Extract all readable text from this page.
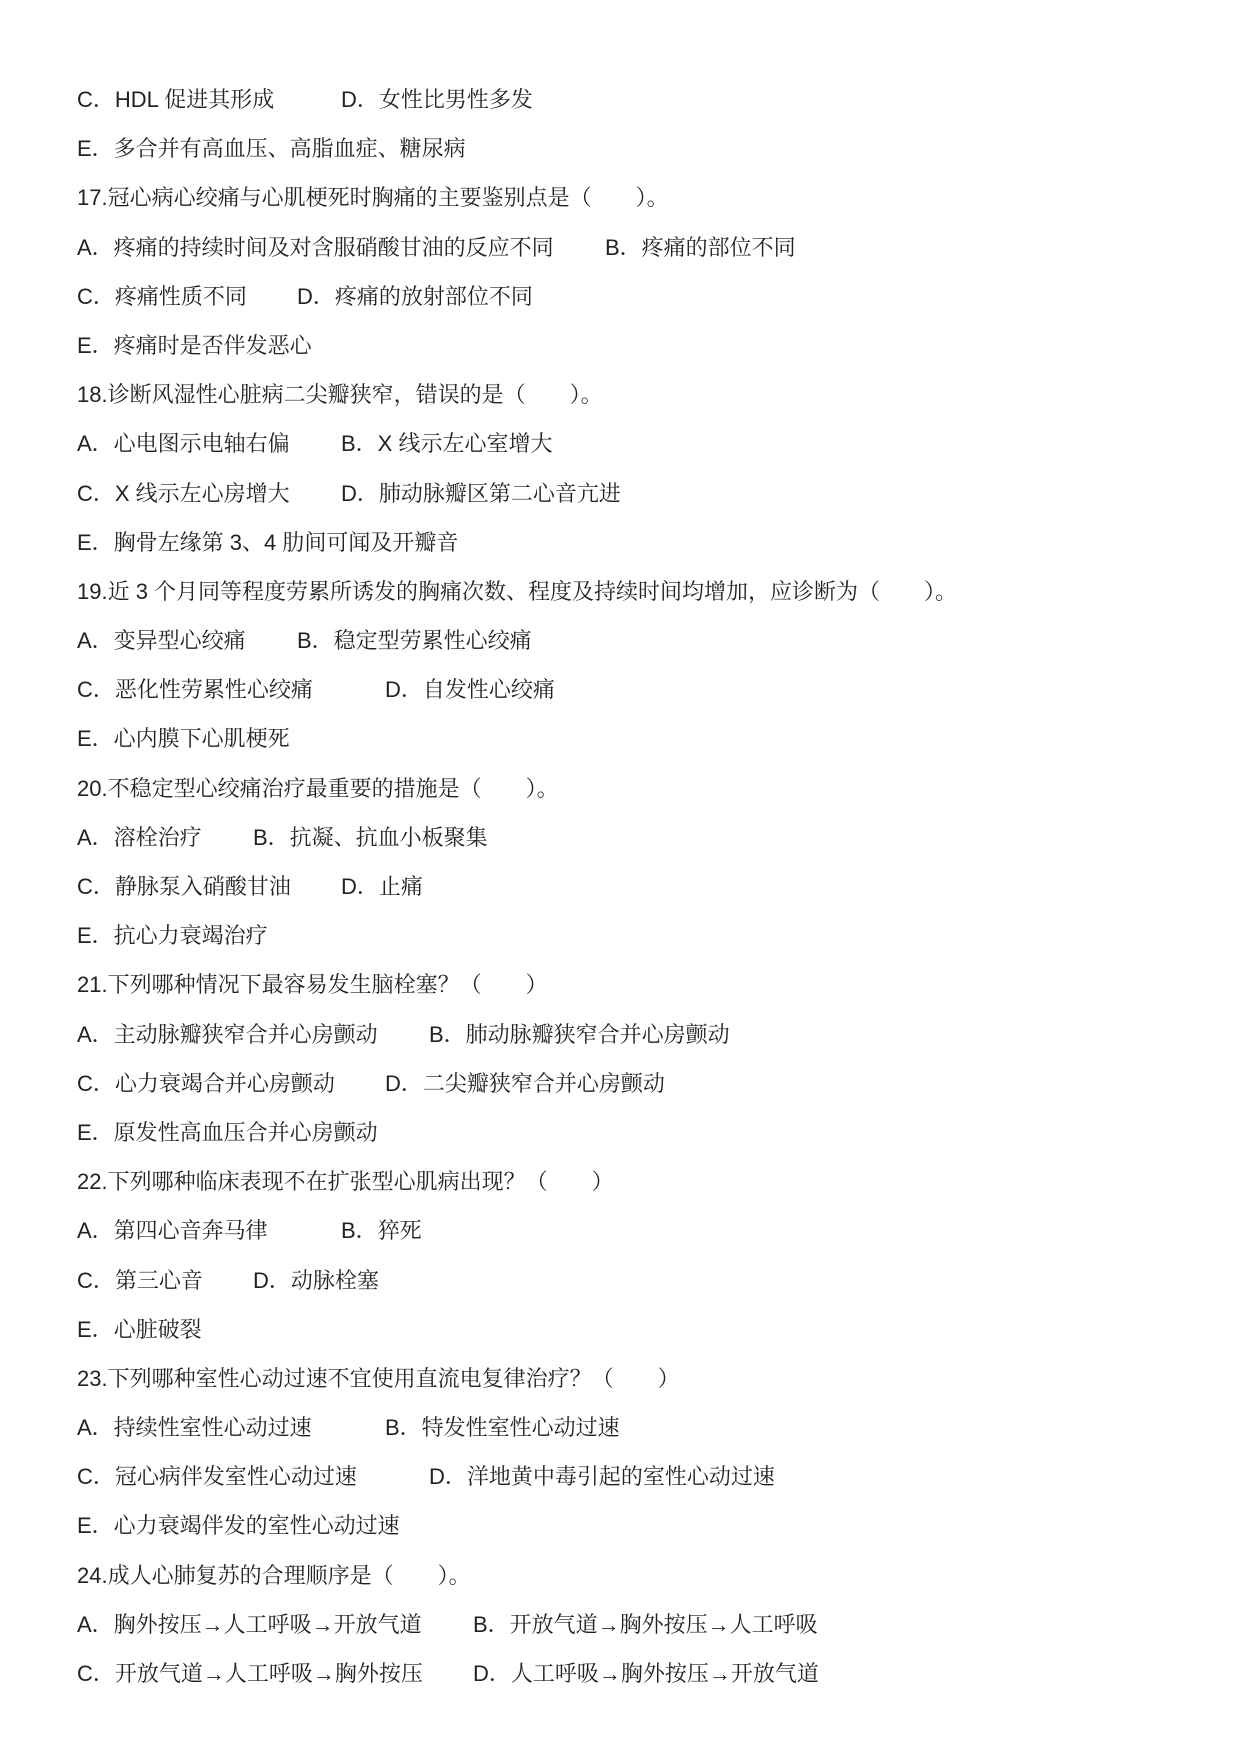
C．HDL 促进其形成	D．女性比男性多发
E．多合并有高血压、高脂血症、糖尿病
17.冠心病心绞痛与心肌梗死时胸痛的主要鉴别点是（　　）。
A．疼痛的持续时间及对含服硝酸甘油的反应不同 B．疼痛的部位不同
C．疼痛性质不同 D．疼痛的放射部位不同
E．疼痛时是否伴发恶心
18.诊断风湿性心脏病二尖瓣狭窄，错误的是（　　）。
A．心电图示电轴右偏 B．X 线示左心室增大
C．X 线示左心房增大 D．肺动脉瓣区第二心音亢进
E．胸骨左缘第 3、4 肋间可闻及开瓣音
19.近 3 个月同等程度劳累所诱发的胸痛次数、程度及持续时间均增加，应诊断为（　　）。
A．变异型心绞痛 B．稳定型劳累性心绞痛
C．恶化性劳累性心绞痛	D．自发性心绞痛
E．心内膜下心肌梗死
20.不稳定型心绞痛治疗最重要的措施是（　　）。
A．溶栓治疗 B．抗凝、抗血小板聚集
C．静脉泵入硝酸甘油 D．止痛
E．抗心力衰竭治疗
21.下列哪种情况下最容易发生脑栓塞？（　　）
A．主动脉瓣狭窄合并心房颤动 B．肺动脉瓣狭窄合并心房颤动
C．心力衰竭合并心房颤动 D．二尖瓣狭窄合并心房颤动
E．原发性高血压合并心房颤动
22.下列哪种临床表现不在扩张型心肌病出现？（　　）
A．第四心音奔马律	B．猝死
C．第三心音 D．动脉栓塞
E．心脏破裂
23.下列哪种室性心动过速不宜使用直流电复律治疗？（　　）
A．持续性室性心动过速	B．特发性室性心动过速
C．冠心病伴发室性心动过速	D．洋地黄中毒引起的室性心动过速
E．心力衰竭伴发的室性心动过速
24.成人心肺复苏的合理顺序是（　　）。
A．胸外按压→人工呼吸→开放气道 B．开放气道→胸外按压→人工呼吸
C．开放气道→人工呼吸→胸外按压 D．人工呼吸→胸外按压→开放气道
